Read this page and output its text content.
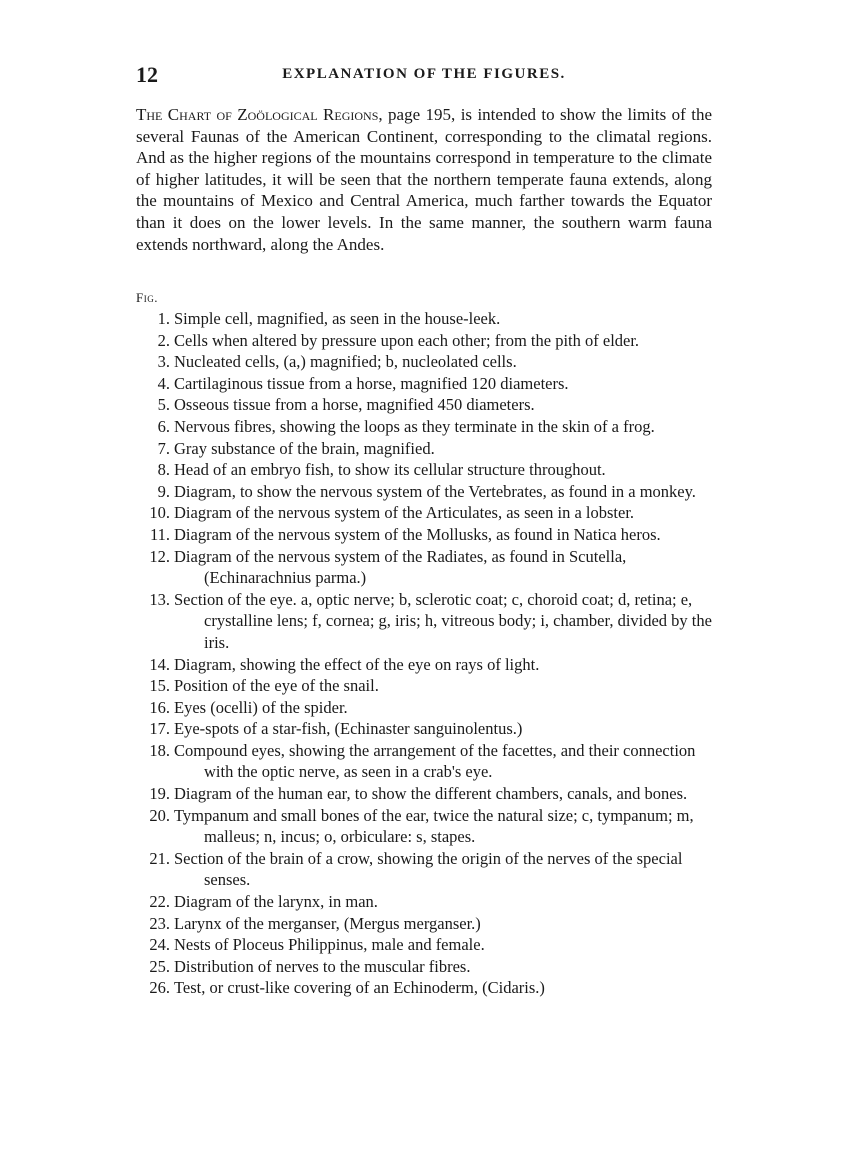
12	EXPLANATION OF THE FIGURES.
The Chart of Zoölogical Regions, page 195, is intended to show the limits of the several Faunas of the American Continent, corresponding to the climatal regions. And as the higher regions of the mountains correspond in temperature to the climate of higher latitudes, it will be seen that the northern temperate fauna extends, along the mountains of Mexico and Central America, much farther towards the Equator than it does on the lower levels. In the same manner, the southern warm fauna extends northward, along the Andes.
Fig.
1. Simple cell, magnified, as seen in the house-leek.
2. Cells when altered by pressure upon each other; from the pith of elder.
3. Nucleated cells, (a,) magnified; b, nucleolated cells.
4. Cartilaginous tissue from a horse, magnified 120 diameters.
5. Osseous tissue from a horse, magnified 450 diameters.
6. Nervous fibres, showing the loops as they terminate in the skin of a frog.
7. Gray substance of the brain, magnified.
8. Head of an embryo fish, to show its cellular structure throughout.
9. Diagram, to show the nervous system of the Vertebrates, as found in a monkey.
10. Diagram of the nervous system of the Articulates, as seen in a lobster.
11. Diagram of the nervous system of the Mollusks, as found in Natica heros.
12. Diagram of the nervous system of the Radiates, as found in Scutella, (Echinarachnius parma.)
13. Section of the eye. a, optic nerve; b, sclerotic coat; c, choroid coat; d, retina; e, crystalline lens; f, cornea; g, iris; h, vitreous body; i, chamber, divided by the iris.
14. Diagram, showing the effect of the eye on rays of light.
15. Position of the eye of the snail.
16. Eyes (ocelli) of the spider.
17. Eye-spots of a star-fish, (Echinaster sanguinolentus.)
18. Compound eyes, showing the arrangement of the facettes, and their connection with the optic nerve, as seen in a crab's eye.
19. Diagram of the human ear, to show the different chambers, canals, and bones.
20. Tympanum and small bones of the ear, twice the natural size; c, tympanum; m, malleus; n, incus; o, orbiculare: s, stapes.
21. Section of the brain of a crow, showing the origin of the nerves of the special senses.
22. Diagram of the larynx, in man.
23. Larynx of the merganser, (Mergus merganser.)
24. Nests of Ploceus Philippinus, male and female.
25. Distribution of nerves to the muscular fibres.
26. Test, or crust-like covering of an Echinoderm, (Cidaris.)
